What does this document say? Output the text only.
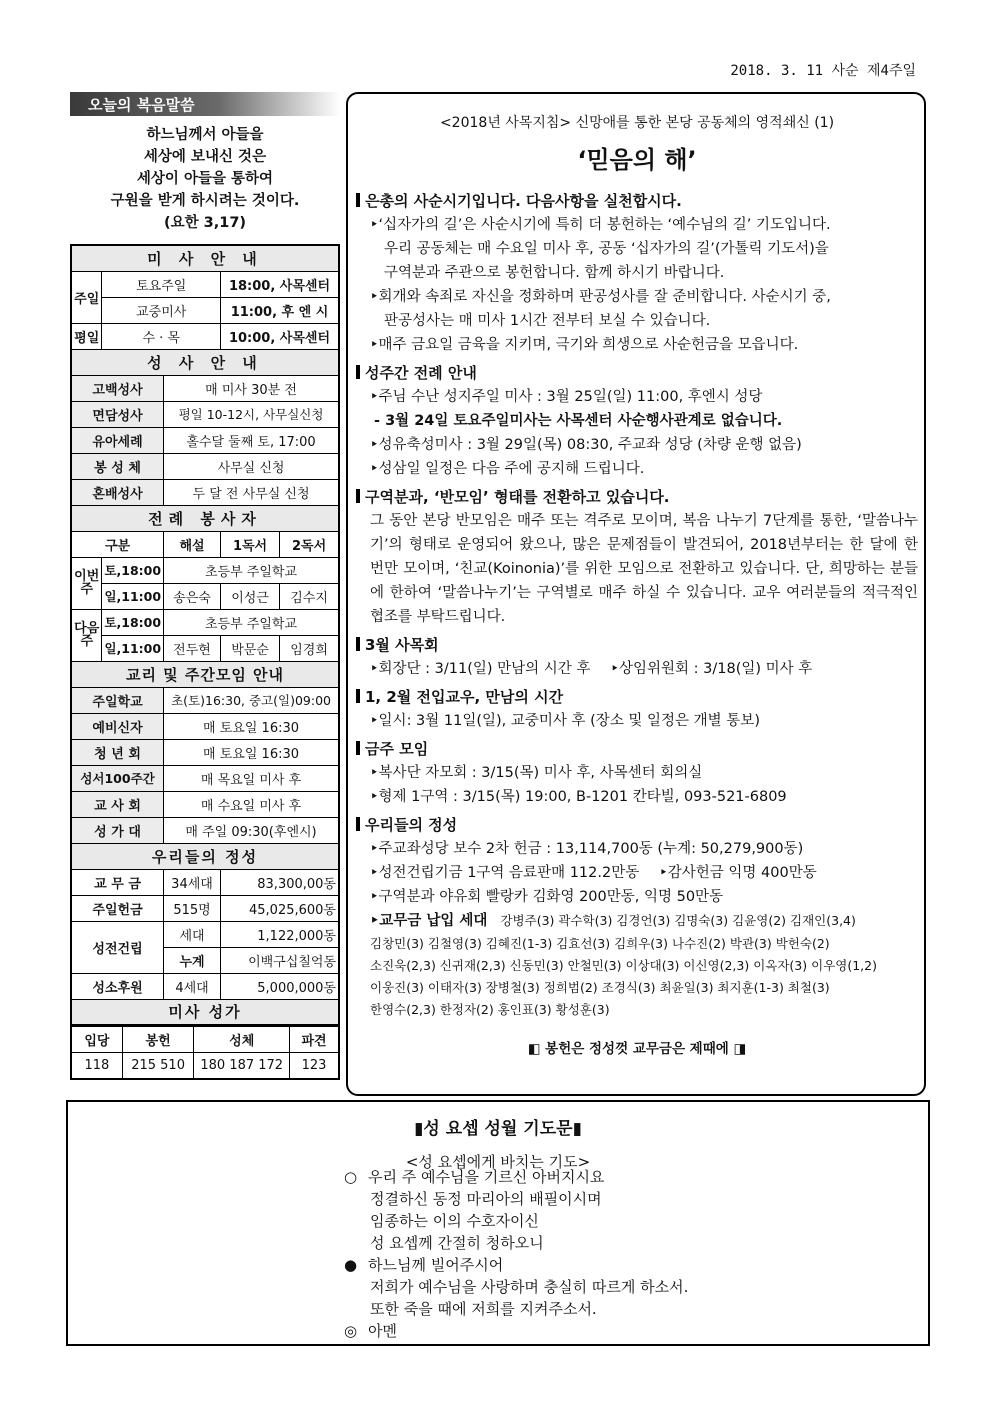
2018. 3. 11 사순 제4주일
오늘의 복음말씀
하느님께서 아들을
세상에 보내신 것은
세상이 아들을 통하여
구원을 받게 하시려는 것이다.
(요한 3,17)
미 사 안 내				
주일	토요주일		18:00, 사목센터	
	교중미사		11:00, 후 엔 시	
평일	수 · 목		10:00, 사목센터	
성 사 안 내				
고백성사		매 미사 30분 전		
면담성사		평일 10-12시, 사무실신청		
유아세례		홀수달 둘째 토, 17:00		
봉 성 체		사무실 신청		
혼배성사		두 달 전 사무실 신청		
전례 봉사자				
구분		해설	1독서	2독서
이번주	토,18:00	초등부 주일학교		
	일,11:00	송은숙	이성근	김수지
다음주	토,18:00	초등부 주일학교		
	일,11:00	전두현	박문순	임경희
교리 및 주간모임 안내				
주일학교		초(토)16:30, 중고(일)09:00		
예비신자		매 토요일 16:30		
청 년 회		매 토요일 16:30		
성서100주간		매 목요일 미사 후		
교 사 회		매 수요일 미사 후		
성 가 대		매 주일 09:30(후엔시)		
우리들의 정성				
교 무 금		34세대	83,300,00동	
주일헌금		515명	45,025,600동	
성전건립		세대	1,122,000동	
		누계	이백구십칠억동	
성소후원		4세대	5,000,000동	
미사 성가				
입당	봉헌	성체	파견
118	215 510	180 187 172	123
<2018년 사목지침> 신망애를 통한 본당 공동체의 영적쇄신 (1)
‘믿음의 해’
은총의 사순시기입니다. 다음사항을 실천합시다.
‣‘십자가의 길’은 사순시기에 특히 더 봉헌하는 ‘예수님의 길’ 기도입니다.
우리 공동체는 매 수요일 미사 후, 공동 ‘십자가의 길’(가톨릭 기도서)을
구역분과 주관으로 봉헌합니다. 함께 하시기 바랍니다.
‣회개와 속죄로 자신을 정화하며 판공성사를 잘 준비합니다. 사순시기 중,
판공성사는 매 미사 1시간 전부터 보실 수 있습니다.
‣매주 금요일 금육을 지키며, 극기와 희생으로 사순헌금을 모읍니다.
성주간 전례 안내
‣주님 수난 성지주일 미사 : 3월 25일(일) 11:00, 후엔시 성당
- 3월 24일 토요주일미사는 사목센터 사순행사관계로 없습니다.
‣성유축성미사 : 3월 29일(목) 08:30, 주교좌 성당 (차량 운행 없음)
‣성삼일 일정은 다음 주에 공지해 드립니다.
구역분과, ‘반모임’ 형태를 전환하고 있습니다.
그 동안 본당 반모임은 매주 또는 격주로 모이며, 복음 나누기 7단계를 통한, ‘말씀나누기’의 형태로 운영되어 왔으나, 많은 문제점들이 발견되어, 2018년부터는 한 달에 한 번만 모이며, ‘친교(Koinonia)’를 위한 모임으로 전환하고 있습니다. 단, 희망하는 분들에 한하여 ‘말씀나누기’는 구역별로 매주 하실 수 있습니다. 교우 여러분들의 적극적인 협조를 부탁드립니다.
3월 사목회
‣회장단 : 3/11(일) 만남의 시간 후 ‣상임위원회 : 3/18(일) 미사 후
1, 2월 전입교우, 만남의 시간
‣일시: 3월 11일(일), 교중미사 후 (장소 및 일정은 개별 통보)
금주 모임
‣복사단 자모회 : 3/15(목) 미사 후, 사목센터 회의실
‣형제 1구역 : 3/15(목) 19:00, B-1201 칸타빌, 093-521-6809
우리들의 정성
‣주교좌성당 보수 2차 헌금 : 13,114,700동 (누계: 50,279,900동)
‣성전건립기금 1구역 음료판매 112.2만동 ‣감사헌금 익명 400만동
‣구역분과 야유회 빨랑카 김화영 200만동, 익명 50만동
‣교무금 납입 세대 강병주(3) 곽수학(3) 김경언(3) 김명숙(3) 김윤영(2) 김재인(3,4)
김창민(3) 김철영(3) 김혜진(1-3) 김효선(3) 김희우(3) 나수진(2) 박관(3) 박헌숙(2)
소진욱(2,3) 신귀재(2,3) 신동민(3) 안철민(3) 이상대(3) 이신영(2,3) 이옥자(3) 이우영(1,2)
이웅진(3) 이태자(3) 장병철(3) 정희범(2) 조경식(3) 최윤일(3) 최지훈(1-3) 최철(3)
한영수(2,3) 한정자(2) 홍인표(3) 황성훈(3)
◧ 봉헌은 정성껏 교무금은 제때에 ◨
▮성 요셉 성월 기도문▮
<성 요셉에게 바치는 기도>
○ 우리 주 예수님을 기르신 아버지시요
정결하신 동정 마리아의 배필이시며
임종하는 이의 수호자이신
성 요셉께 간절히 청하오니
● 하느님께 빌어주시어
저희가 예수님을 사랑하며 충실히 따르게 하소서.
또한 죽을 때에 저희를 지켜주소서.
◎ 아멘
